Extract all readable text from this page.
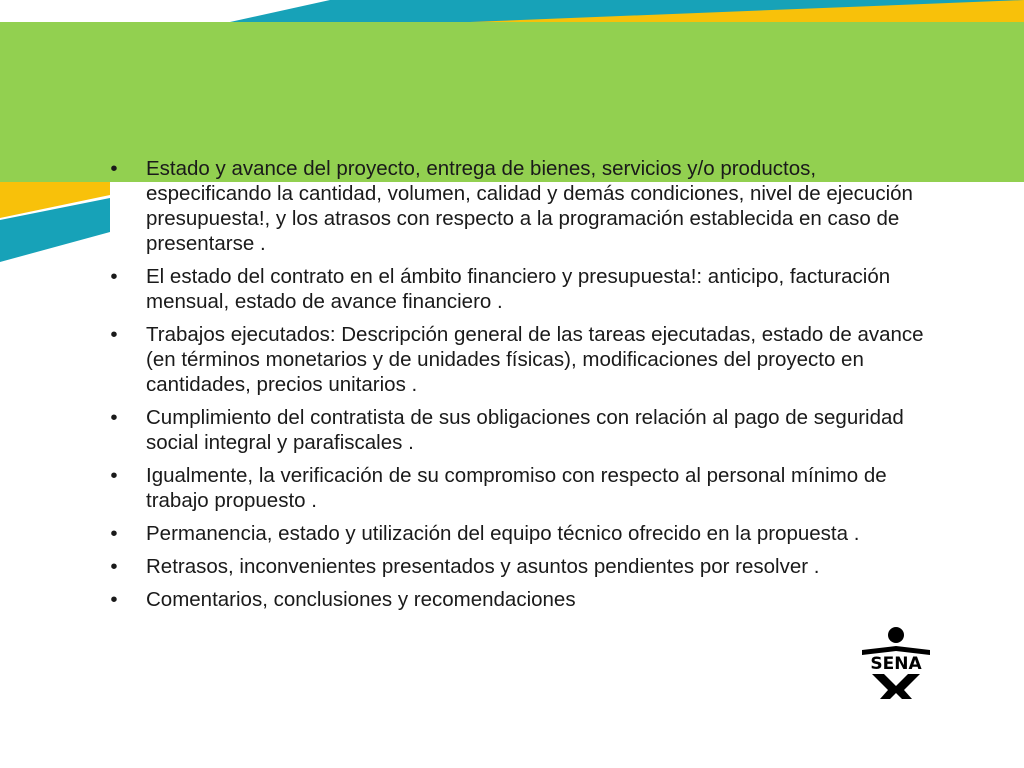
•	Estado y avance del proyecto, entrega de bienes, servicios y/o productos, especificando la cantidad, volumen, calidad y demás condiciones, nivel de ejecución presupuesta!, y los atrasos con respecto a la programación establecida en caso de presentarse .
•	El estado del contrato en el ámbito financiero y presupuesta!: anticipo, facturación mensual, estado de avance financiero .
•	Trabajos ejecutados: Descripción general de las tareas ejecutadas, estado de avance (en términos monetarios y de unidades físicas), modificaciones del proyecto en cantidades, precios unitarios .
•	Cumplimiento del contratista de sus obligaciones con relación al pago de seguridad social integral y parafiscales .
•	Igualmente, la verificación de su compromiso con respecto al personal mínimo de trabajo propuesto .
•	Permanencia, estado y utilización del equipo técnico ofrecido en la propuesta .
•	Retrasos, inconvenientes presentados y asuntos pendientes por resolver .
•	Comentarios, conclusiones y recomendaciones
SENA
